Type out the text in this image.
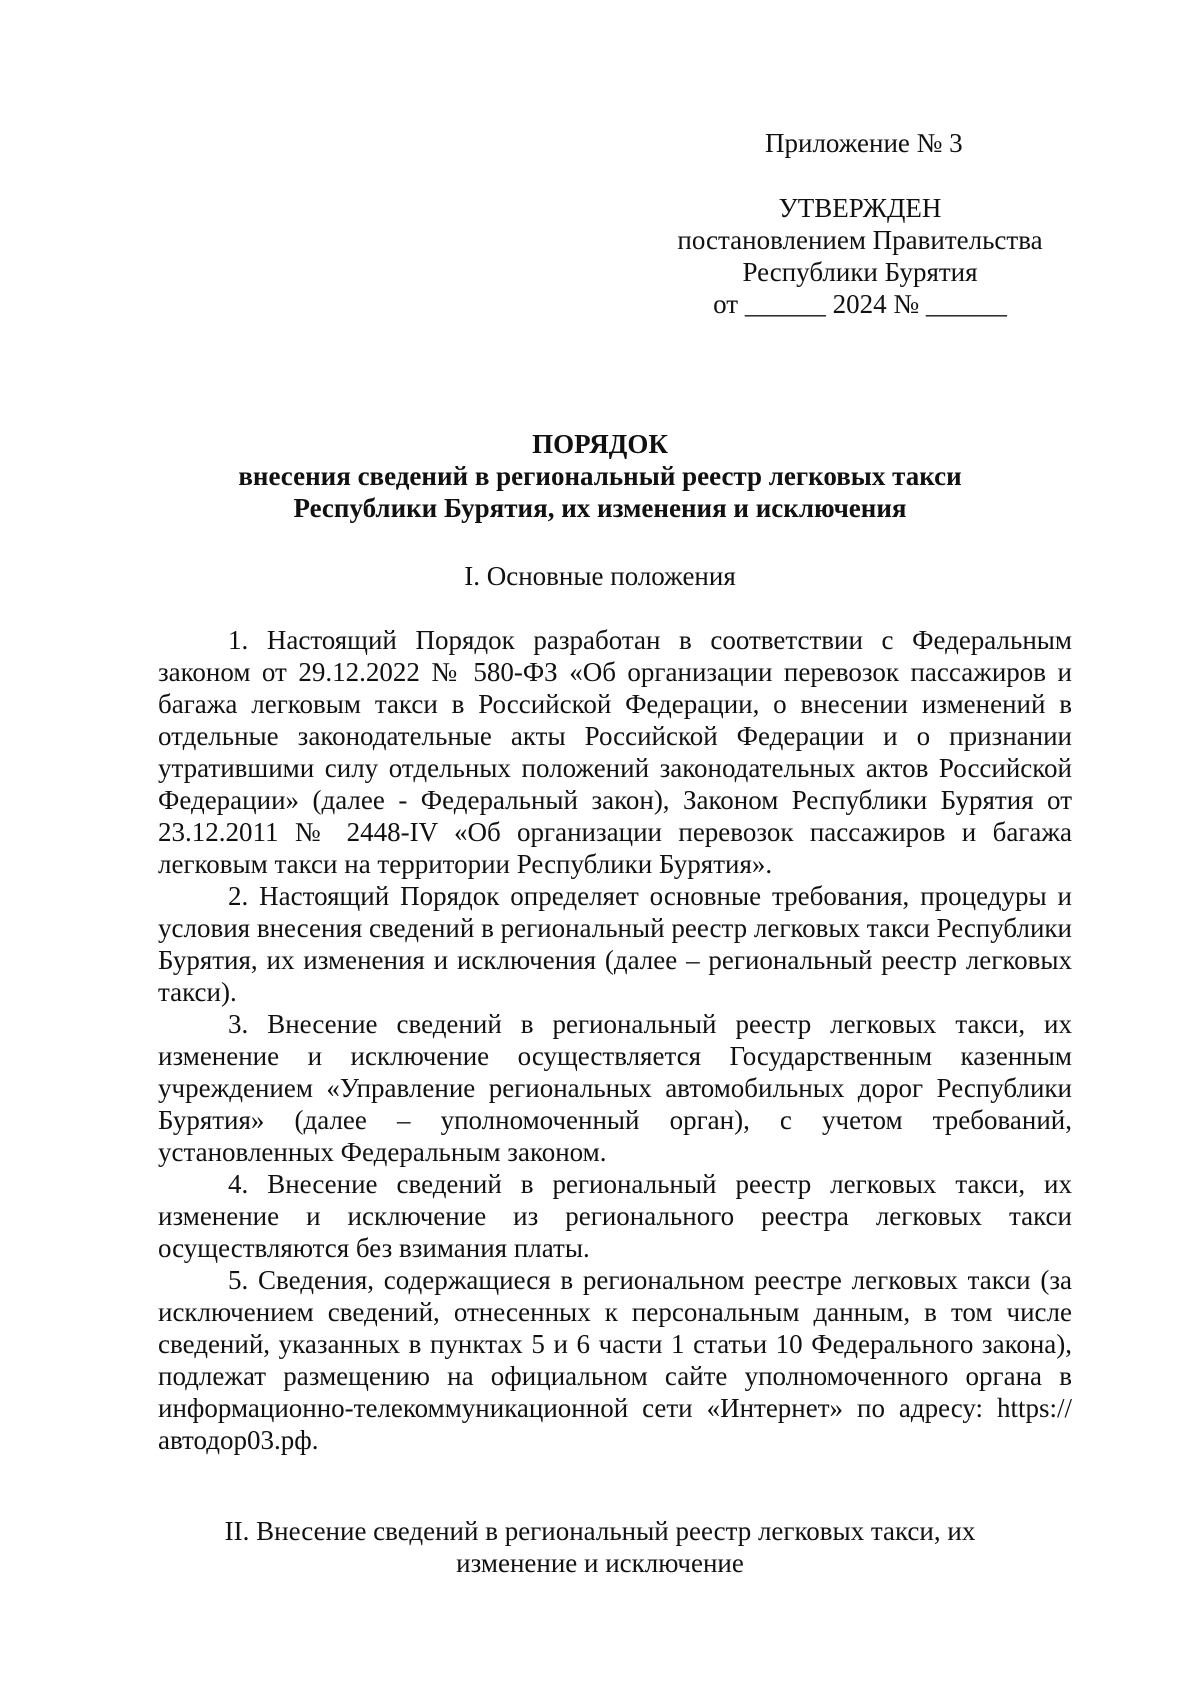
Приложение № 3

УТВЕРЖДЕН
постановлением Правительства
Республики Бурятия
от ______ 2024 № ______
ПОРЯДОК
внесения сведений в региональный реестр легковых такси
Республики Бурятия, их изменения и исключения
I. Основные положения

1. Настоящий Порядок разработан в соответствии с Федеральным законом от 29.12.2022 № 580-ФЗ «Об организации перевозок пассажиров и багажа легковым такси в Российской Федерации, о внесении изменений в отдельные законодательные акты Российской Федерации и о признании утратившими силу отдельных положений законодательных актов Российской Федерации» (далее - Федеральный закон), Законом Республики Бурятия от 23.12.2011 № 2448-IV «Об организации перевозок пассажиров и багажа легковым такси на территории Республики Бурятия».

2. Настоящий Порядок определяет основные требования, процедуры и условия внесения сведений в региональный реестр легковых такси Республики Бурятия, их изменения и исключения (далее – региональный реестр легковых такси).

3. Внесение сведений в региональный реестр легковых такси, их изменение и исключение осуществляется Государственным казенным учреждением «Управление региональных автомобильных дорог Республики Бурятия» (далее – уполномоченный орган), с учетом требований, установленных Федеральным законом.

4. Внесение сведений в региональный реестр легковых такси, их изменение и исключение из регионального реестра легковых такси осуществляются без взимания платы.

5. Сведения, содержащиеся в региональном реестре легковых такси (за исключением сведений, отнесенных к персональным данным, в том числе сведений, указанных в пунктах 5 и 6 части 1 статьи 10 Федерального закона), подлежат размещению на официальном сайте уполномоченного органа в информационно-телекоммуникационной сети «Интернет» по адресу: https://автодор03.рф.

II. Внесение сведений в региональный реестр легковых такси, их
изменение и исключение
